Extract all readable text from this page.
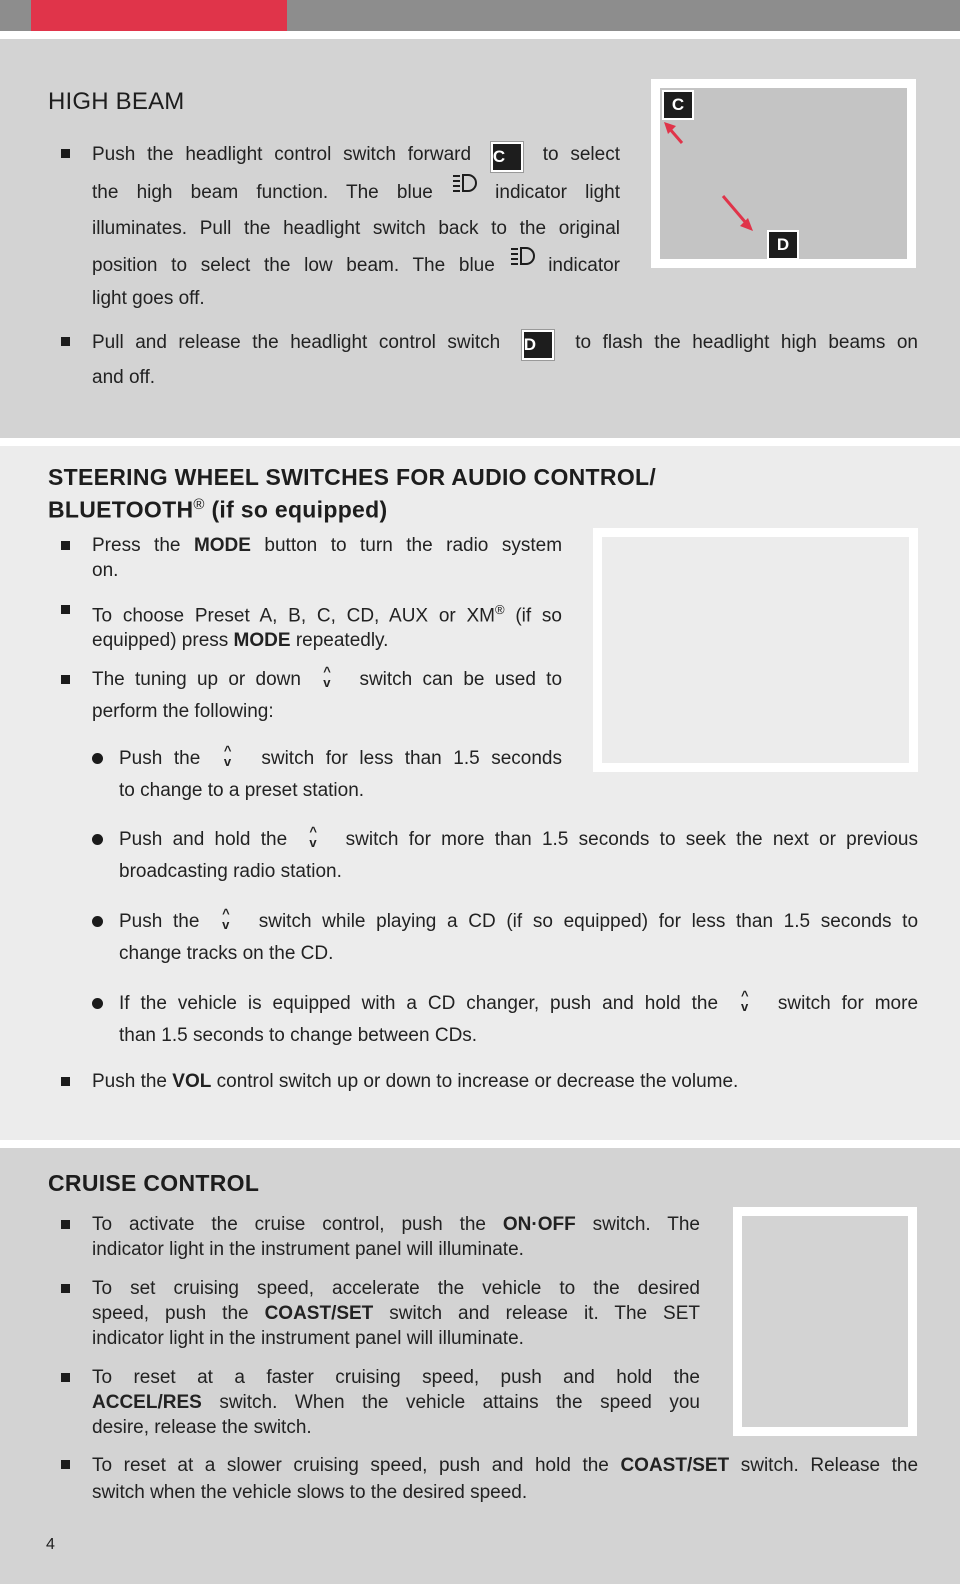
HIGH BEAM

Push the headlight control switch forward C to select

the high beam function. The blue	indicator light

illuminates. Pull the headlight switch back to the original

position to select the low beam. The blue	indicator

light goes off.

Pull and release the headlight control switch D to flash the headlight high beams on

and off.

C
D
STEERING WHEEL SWITCHES FOR AUDIO CONTROL/
BLUETOOTH® (if so equipped)

Press the MODE button to turn the radio system

on.

To choose Preset A, B, C, CD, AUX or XM® (if so

equipped) press MODE repeatedly.

The tuning up or down ^
v	switch can be used to

perform the following:

Push the ^
v	switch for less than 1.5 seconds

to change to a preset station.

Push and hold the ^
v	switch for more than 1.5 seconds to seek the next or previous

broadcasting radio station.

Push the ^
v	switch while playing a CD (if so equipped) for less than 1.5 seconds to

change tracks on the CD.

If the vehicle is equipped with a CD changer, push and hold the ^
v	switch for more

than 1.5 seconds to change between CDs.

Push the VOL control switch up or down to increase or decrease the volume.

CRUISE CONTROL

To activate the cruise control, push the ON·OFF switch. The

indicator light in the instrument panel will illuminate.

To set cruising speed, accelerate the vehicle to the desired

speed, push the COAST/SET switch and release it. The SET

indicator light in the instrument panel will illuminate.

To reset at a faster cruising speed, push and hold the

ACCEL/RES switch. When the vehicle attains the speed you

desire, release the switch.

To reset at a slower cruising speed, push and hold the COAST/SET switch. Release the

switch when the vehicle slows to the desired speed.

4
